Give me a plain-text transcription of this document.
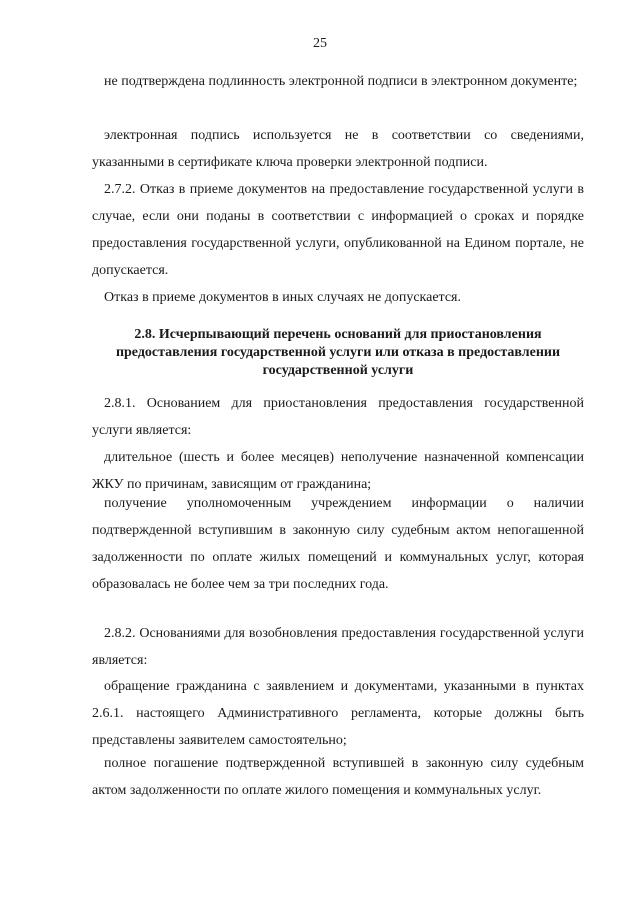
25

не подтверждена подлинность электронной подписи в электронном документе;

электронная подпись используется не в соответствии со сведениями, указанными в сертификате ключа проверки электронной подписи.

2.7.2. Отказ в приеме документов на предоставление государственной услуги в случае, если они поданы в соответствии с информацией о сроках и порядке предоставления государственной услуги, опубликованной на Едином портале, не допускается.

Отказ в приеме документов в иных случаях не допускается.

2.8. Исчерпывающий перечень оснований для приостановления
предоставления государственной услуги или отказа в предоставлении
государственной услуги

2.8.1. Основанием для приостановления предоставления государственной услуги является:

длительное (шесть и более месяцев) неполучение назначенной компенсации ЖКУ по причинам, зависящим от гражданина;

получение уполномоченным учреждением информации о наличии подтвержденной вступившим в законную силу судебным актом непогашенной задолженности по оплате жилых помещений и коммунальных услуг, которая образовалась не более чем за три последних года.

2.8.2. Основаниями для возобновления предоставления государственной услуги является:

обращение гражданина с заявлением и документами, указанными в пунктах 2.6.1. настоящего Административного регламента, которые должны быть представлены заявителем самостоятельно;

полное погашение подтвержденной вступившей в законную силу судебным актом задолженности по оплате жилого помещения и коммунальных услуг.
